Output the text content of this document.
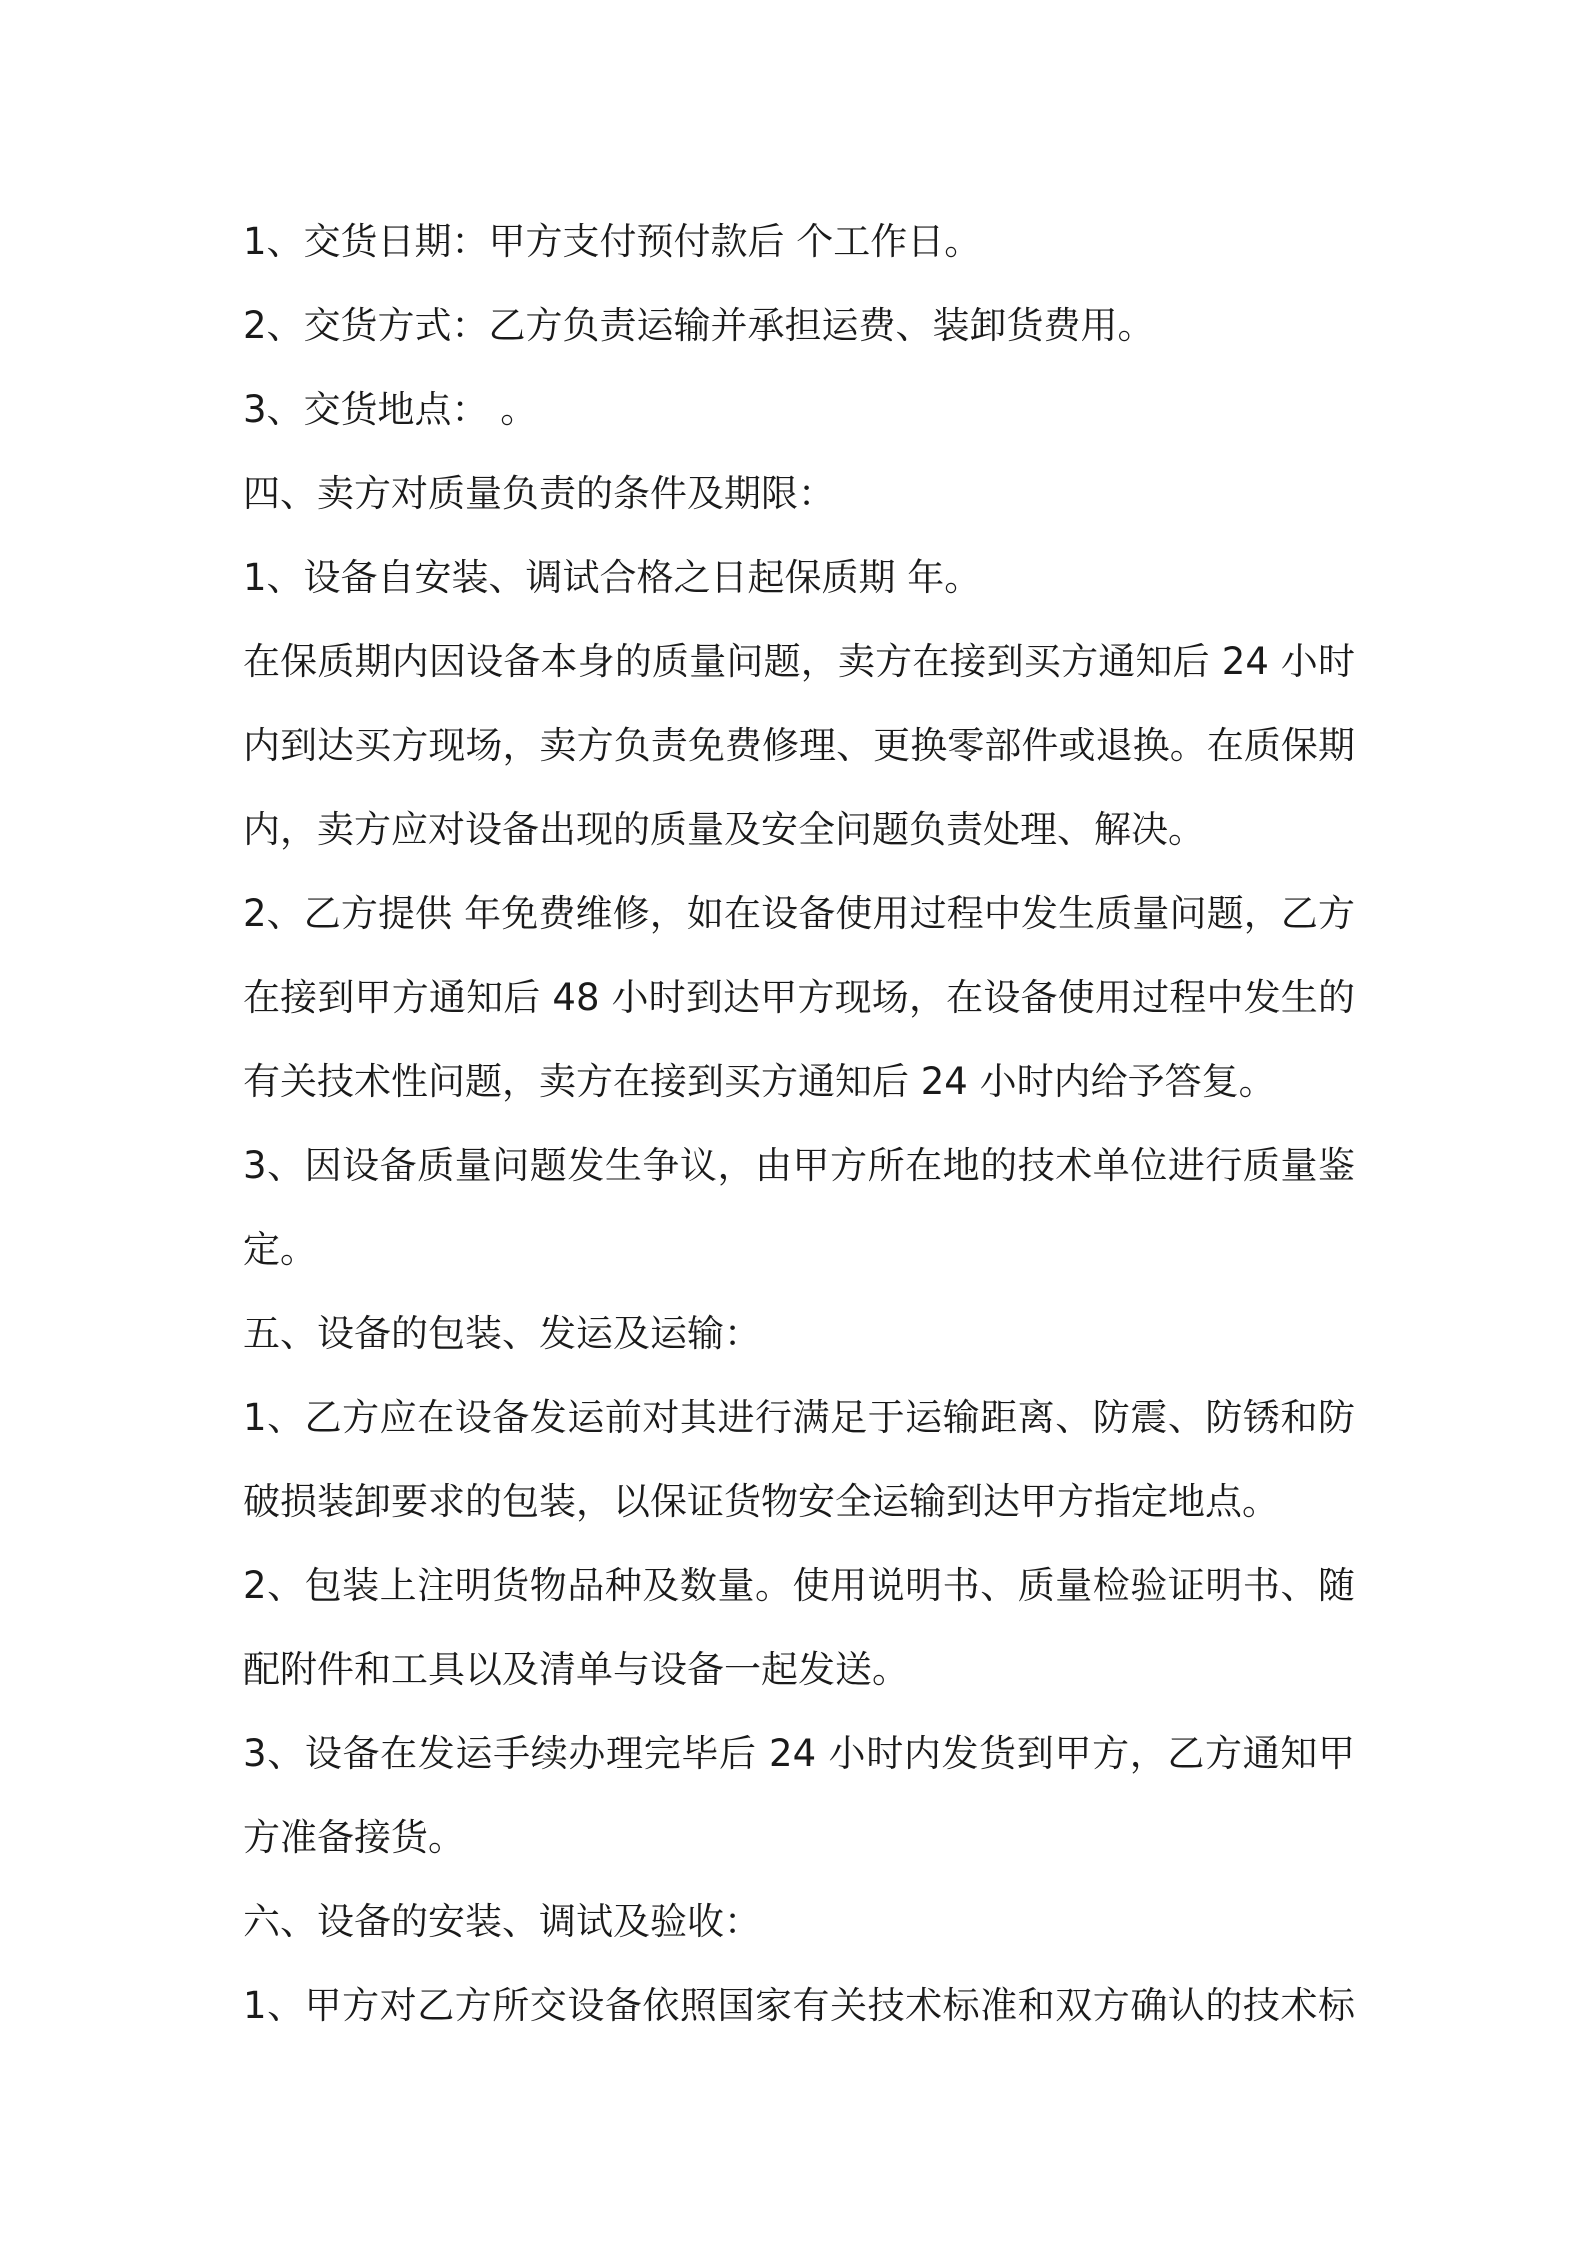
1、交货日期：甲方支付预付款后 个工作日。
2、交货方式：乙方负责运输并承担运费、装卸货费用。
3、交货地点： 。
四、卖方对质量负责的条件及期限：
1、设备自安装、调试合格之日起保质期 年。
在保质期内因设备本身的质量问题，卖方在接到买方通知后 24 小时
内到达买方现场，卖方负责免费修理、更换零部件或退换。在质保期
内，卖方应对设备出现的质量及安全问题负责处理、解决。
2、乙方提供 年免费维修，如在设备使用过程中发生质量问题，乙方
在接到甲方通知后 48 小时到达甲方现场，在设备使用过程中发生的
有关技术性问题，卖方在接到买方通知后 24 小时内给予答复。
3、因设备质量问题发生争议，由甲方所在地的技术单位进行质量鉴
定。
五、设备的包装、发运及运输：
1、乙方应在设备发运前对其进行满足于运输距离、防震、防锈和防
破损装卸要求的包装，以保证货物安全运输到达甲方指定地点。
2、包装上注明货物品种及数量。使用说明书、质量检验证明书、随
配附件和工具以及清单与设备一起发送。
3、设备在发运手续办理完毕后 24 小时内发货到甲方，乙方通知甲
方准备接货。
六、设备的安装、调试及验收：
1、甲方对乙方所交设备依照国家有关技术标准和双方确认的技术标
